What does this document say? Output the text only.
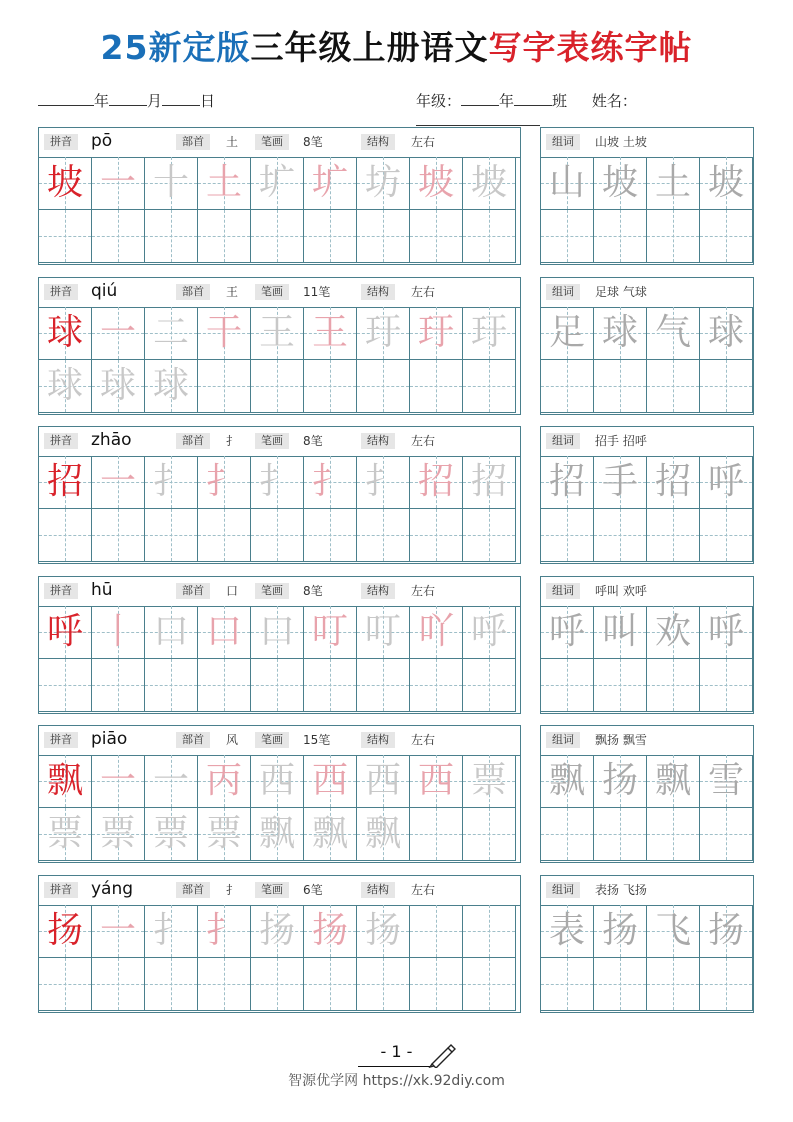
25新定版三年级上册语文写字表练字帖
年	月	日	年级：	年	班 姓名：
拼音	pō	部首	土	笔画	8笔	结构	左右
坡 一 十 土 圹 圹 坊 坡 坡
组词	山坡 土坡
山 坡 土 坡
拼音	qiú	部首	王	笔画	11笔	结构	左右
球 一 二 干 王 王 玗 玗 玗
球 球 球
组词	足球 气球
足 球 气 球
拼音	zhāo	部首	扌	笔画	8笔	结构	左右
招 一 扌 扌 扌 扌 扌 招 招
组词	招手 招呼
招 手 招 呼
拼音	hū	部首	口	笔画	8笔	结构	左右
呼 丨 口 口 口 叮 叮 吖 呼
组词	呼叫 欢呼
呼 叫 欢 呼
拼音	piāo	部首	风	笔画	15笔	结构	左右
飘 一 一 丙 西 西 西 西 票
票 票 票 票 飘 飘 飘
组词	飘扬 飘雪
飘 扬 飘 雪
拼音	yáng	部首	扌	笔画	6笔	结构	左右
扬 一 扌 扌 扬 扬 扬
组词	表扬 飞扬
表 扬 飞 扬
- 1 -
智源优学网 https://xk.92diy.com
